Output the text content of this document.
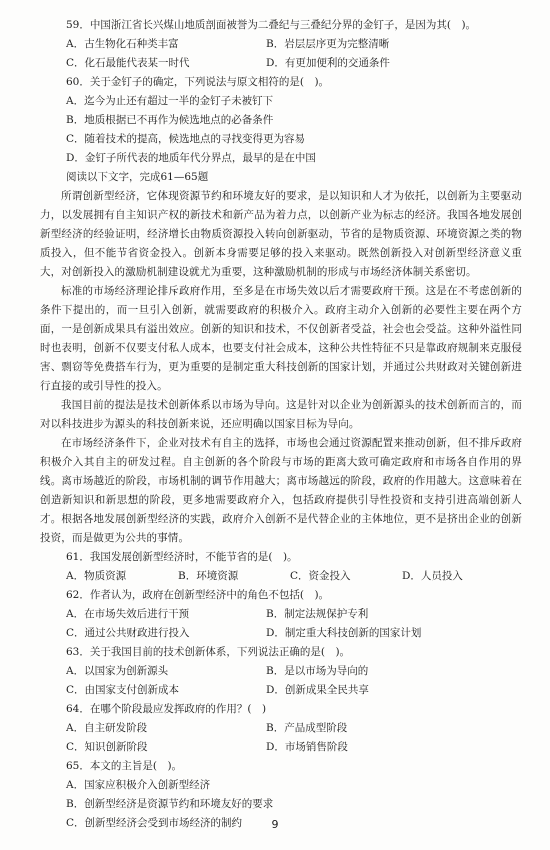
59．中国浙江省长兴煤山地质剖面被誉为二叠纪与三叠纪分界的金钉子，是因为其(　)。
A．古生物化石种类丰富	B．岩层层序更为完整清晰
C．化石最能代表某一时代	D．有更加便利的交通条件
60．关于金钉子的确定，下列说法与原文相符的是(　)。
A．迄今为止还有超过一半的金钉子未被钉下
B．地质根据已不再作为候选地点的必备条件
C．随着技术的提高，候选地点的寻找变得更为容易
D．金钉子所代表的地质年代分界点，最早的是在中国
阅读以下文字，完成61—65题

所谓创新型经济，它体现资源节约和环境友好的要求，是以知识和人才为依托，以创新为主要驱动力，以发展拥有自主知识产权的新技术和新产品为着力点，以创新产业为标志的经济。我国各地发展创新型经济的经验证明，经济增长由物质资源投入转向创新驱动，节省的是物质资源、环境资源之类的物质投入，但不能节省资金投入。创新本身需要足够的投入来驱动。既然创新投入对创新型经济意义重大，对创新投入的激励机制建设就尤为重要，这种激励机制的形成与市场经济体制关系密切。

标准的市场经济理论排斥政府作用，至多是在市场失效以后才需要政府干预。这是在不考虑创新的条件下提出的，而一旦引入创新，就需要政府的积极介入。政府主动介入创新的必要性主要在两个方面，一是创新成果具有溢出效应。创新的知识和技术，不仅创新者受益，社会也会受益。这种外溢性同时也表明，创新不仅要支付私人成本，也要支付社会成本，这种公共性特征不只是靠政府规制来克服侵害、剽窃等免费搭车行为，更为重要的是制定重大科技创新的国家计划，并通过公共财政对关键创新进行直接的或引导性的投入。

我国目前的提法是技术创新体系以市场为导向。这是针对以企业为创新源头的技术创新而言的，而对以科技进步为源头的科技创新来说，还应明确以国家目标为导向。

在市场经济条件下，企业对技术有自主的选择，市场也会通过资源配置来推动创新，但不排斥政府积极介入其自主的研发过程。自主创新的各个阶段与市场的距离大致可确定政府和市场各自作用的界线。离市场越近的阶段，市场机制的调节作用越大；离市场越远的阶段，政府的作用越大。这意味着在创造新知识和新思想的阶段，更多地需要政府介入，包括政府提供引导性投资和支持引进高端创新人才。根据各地发展创新型经济的实践，政府介入创新不是代替企业的主体地位，更不是挤出企业的创新投资，而是做更为公共的事情。

61．我国发展创新型经济时，不能节省的是(　)。
A．物质资源	B．环境资源	C．资金投入	D．人员投入
62．作者认为，政府在创新型经济中的角色不包括(　)。
A．在市场失效后进行干预	B．制定法规保护专利
C．通过公共财政进行投入	D．制定重大科技创新的国家计划
63．关于我国目前的技术创新体系，下列说法正确的是(　)。
A．以国家为创新源头	B．是以市场为导向的
C．由国家支付创新成本	D．创新成果全民共享
64．在哪个阶段最应发挥政府的作用？(　)
A．自主研发阶段	B．产品成型阶段
C．知识创新阶段	D．市场销售阶段
65．本文的主旨是(　)。
A．国家应积极介入创新型经济
B．创新型经济是资源节约和环境友好的要求
C．创新型经济会受到市场经济的制约	9
